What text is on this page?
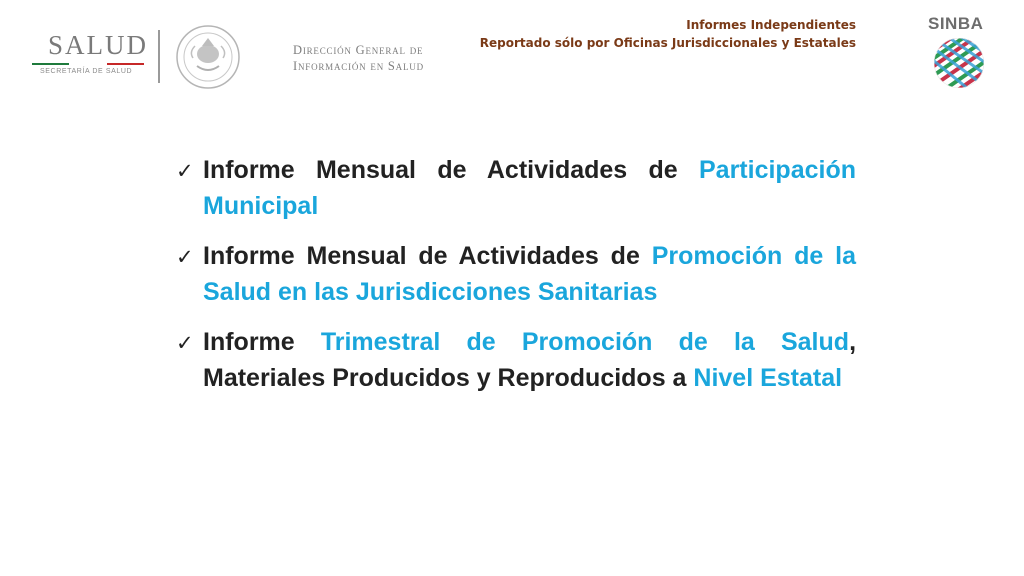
SALUD
SECRETARÍA DE SALUD
Dirección General de
Información en Salud
Informes Independientes
Reportado sólo por Oficinas Jurisdiccionales y Estatales
SINBA
✓ Informe Mensual de Actividades de Participación Municipal
✓ Informe Mensual de Actividades de Promoción de la Salud en las Jurisdicciones Sanitarias
✓ Informe Trimestral de Promoción de la Salud, Materiales Producidos y Reproducidos a Nivel Estatal
